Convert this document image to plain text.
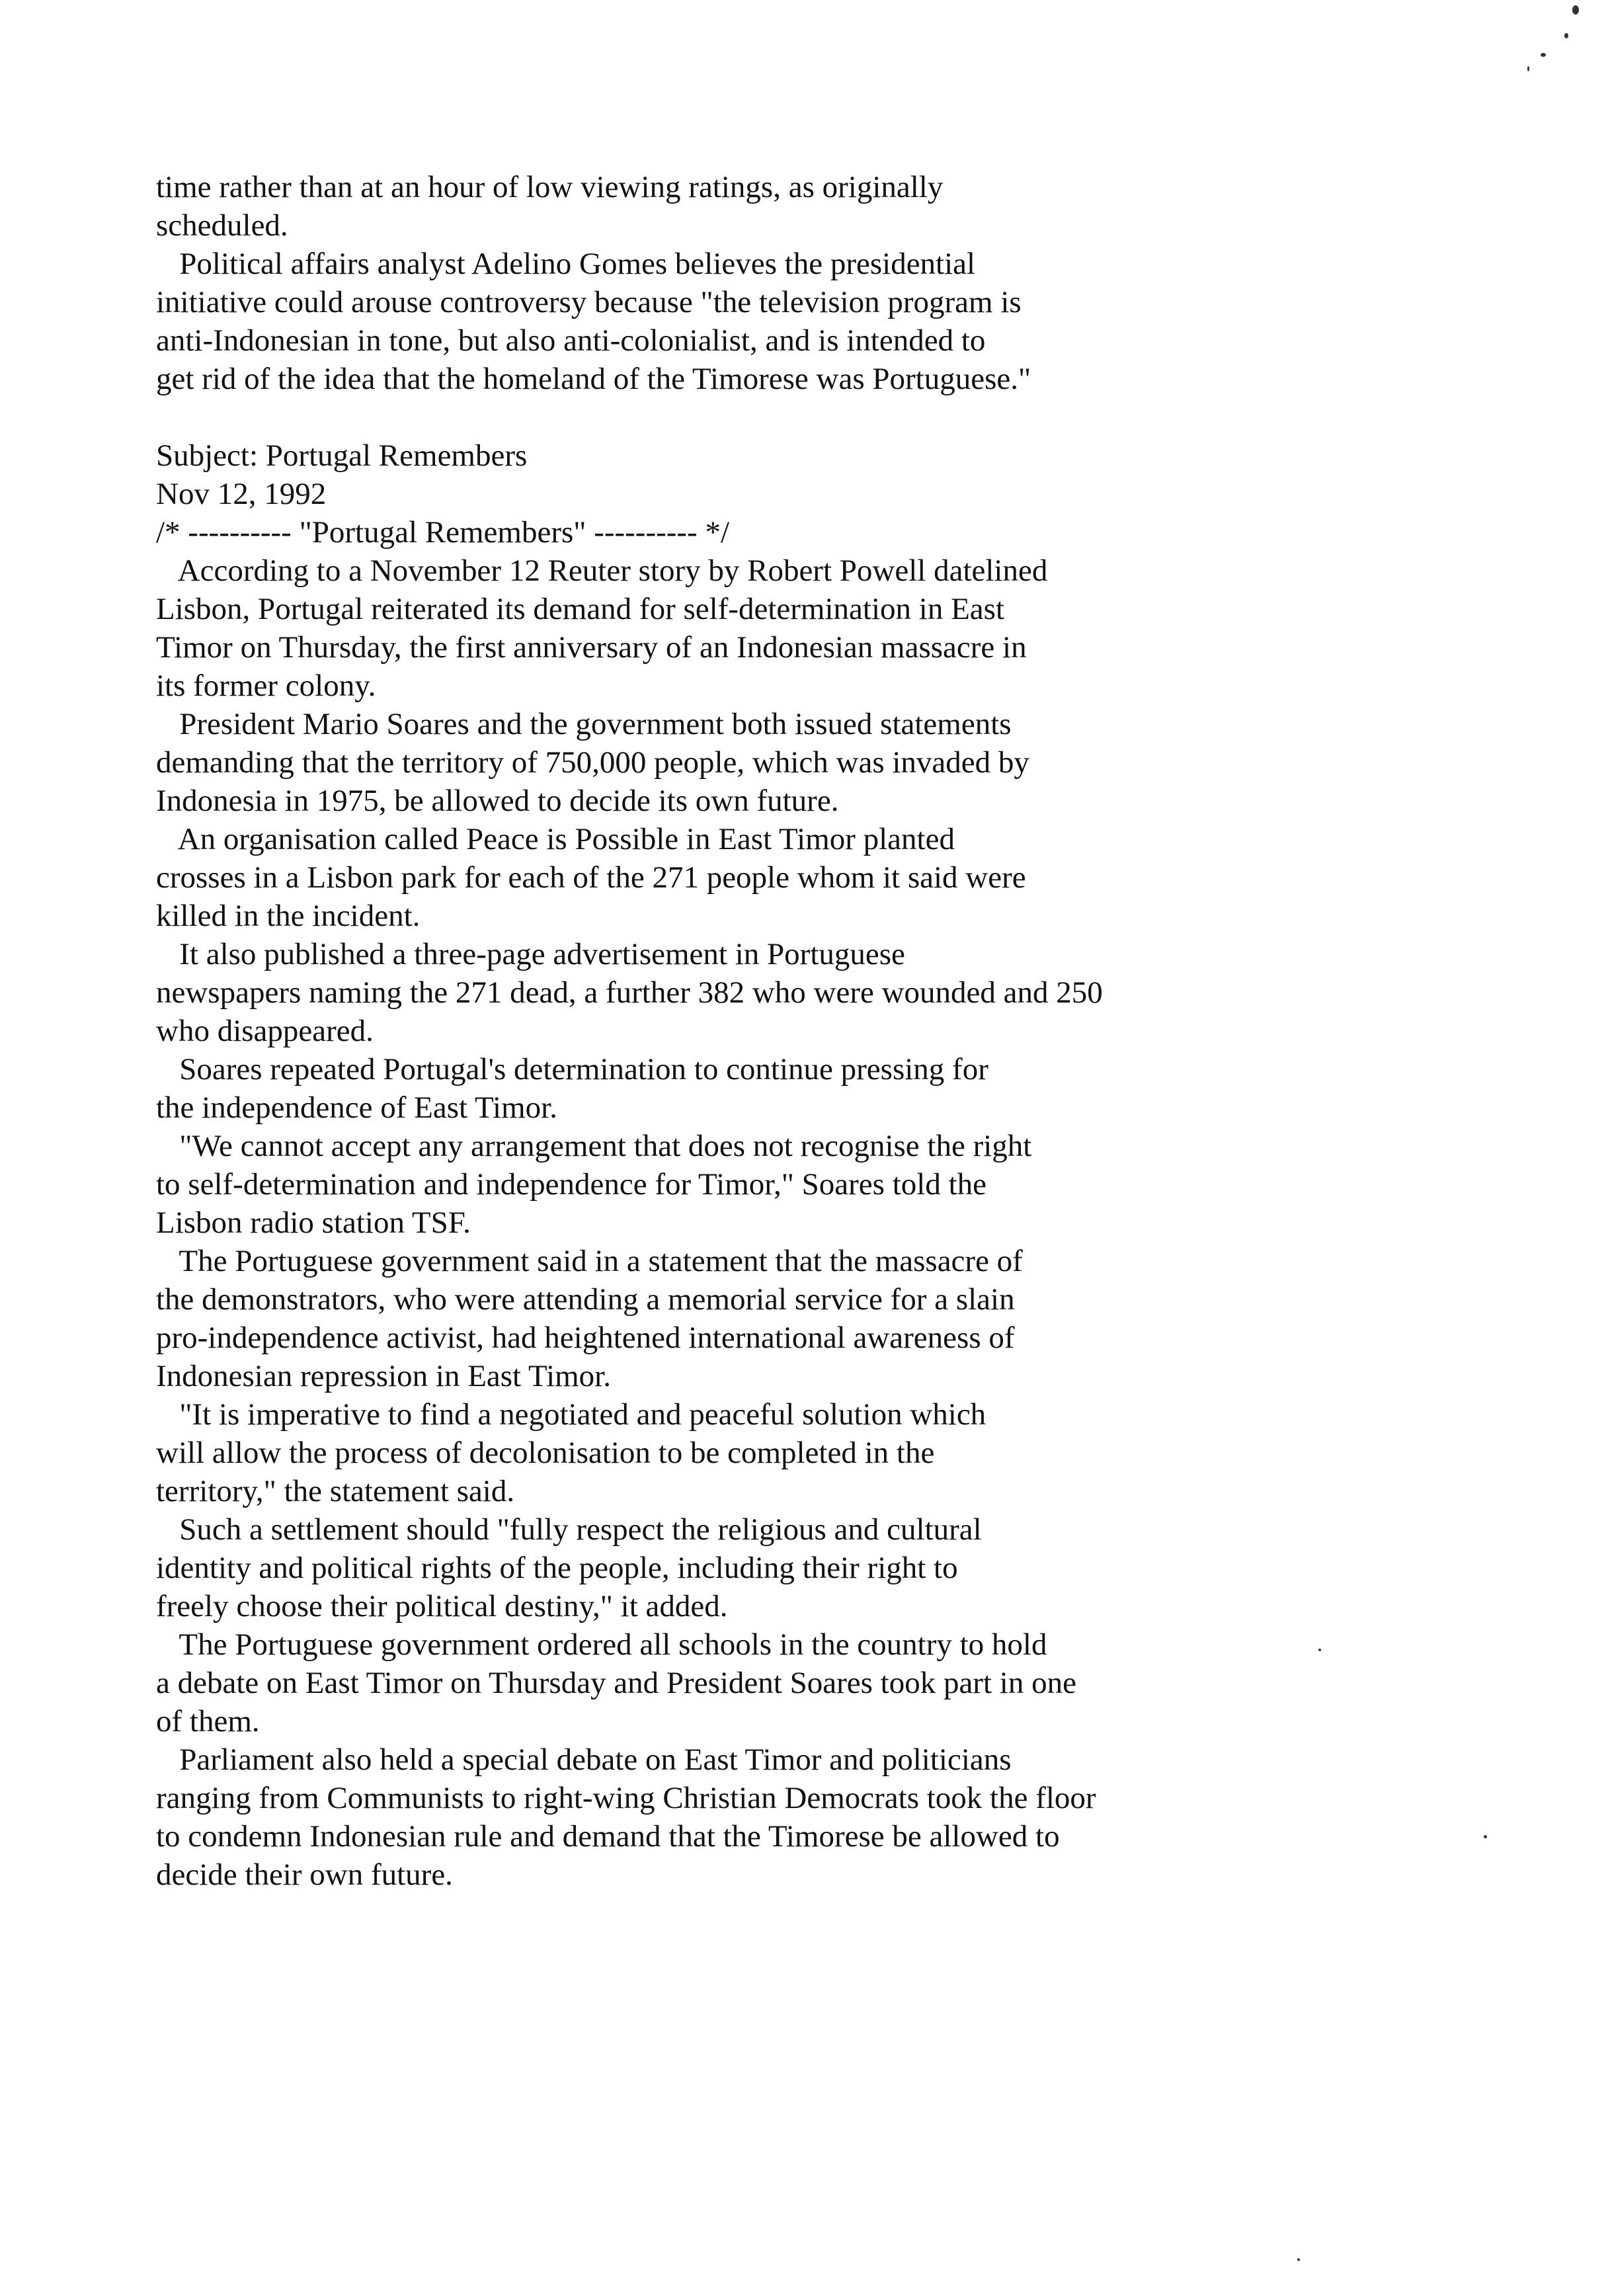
time rather than at an hour of low viewing ratings, as originally
scheduled.
Political affairs analyst Adelino Gomes believes the presidential
initiative could arouse controversy because "the television program is
anti-Indonesian in tone, but also anti-colonialist, and is intended to
get rid of the idea that the homeland of the Timorese was Portuguese."
Subject: Portugal Remembers
Nov 12, 1992
/* ---------- "Portugal Remembers" ---------- */
According to a November 12 Reuter story by Robert Powell datelined
Lisbon, Portugal reiterated its demand for self-determination in East
Timor on Thursday, the first anniversary of an Indonesian massacre in
its former colony.
President Mario Soares and the government both issued statements
demanding that the territory of 750,000 people, which was invaded by
Indonesia in 1975, be allowed to decide its own future.
An organisation called Peace is Possible in East Timor planted
crosses in a Lisbon park for each of the 271 people whom it said were
killed in the incident.
It also published a three-page advertisement in Portuguese
newspapers naming the 271 dead, a further 382 who were wounded and 250
who disappeared.
Soares repeated Portugal's determination to continue pressing for
the independence of East Timor.
"We cannot accept any arrangement that does not recognise the right
to self-determination and independence for Timor," Soares told the
Lisbon radio station TSF.
The Portuguese government said in a statement that the massacre of
the demonstrators, who were attending a memorial service for a slain
pro-independence activist, had heightened international awareness of
Indonesian repression in East Timor.
"It is imperative to find a negotiated and peaceful solution which
will allow the process of decolonisation to be completed in the
territory," the statement said.
Such a settlement should "fully respect the religious and cultural
identity and political rights of the people, including their right to
freely choose their political destiny," it added.
The Portuguese government ordered all schools in the country to hold
a debate on East Timor on Thursday and President Soares took part in one
of them.
Parliament also held a special debate on East Timor and politicians
ranging from Communists to right-wing Christian Democrats took the floor
to condemn Indonesian rule and demand that the Timorese be allowed to
decide their own future.
